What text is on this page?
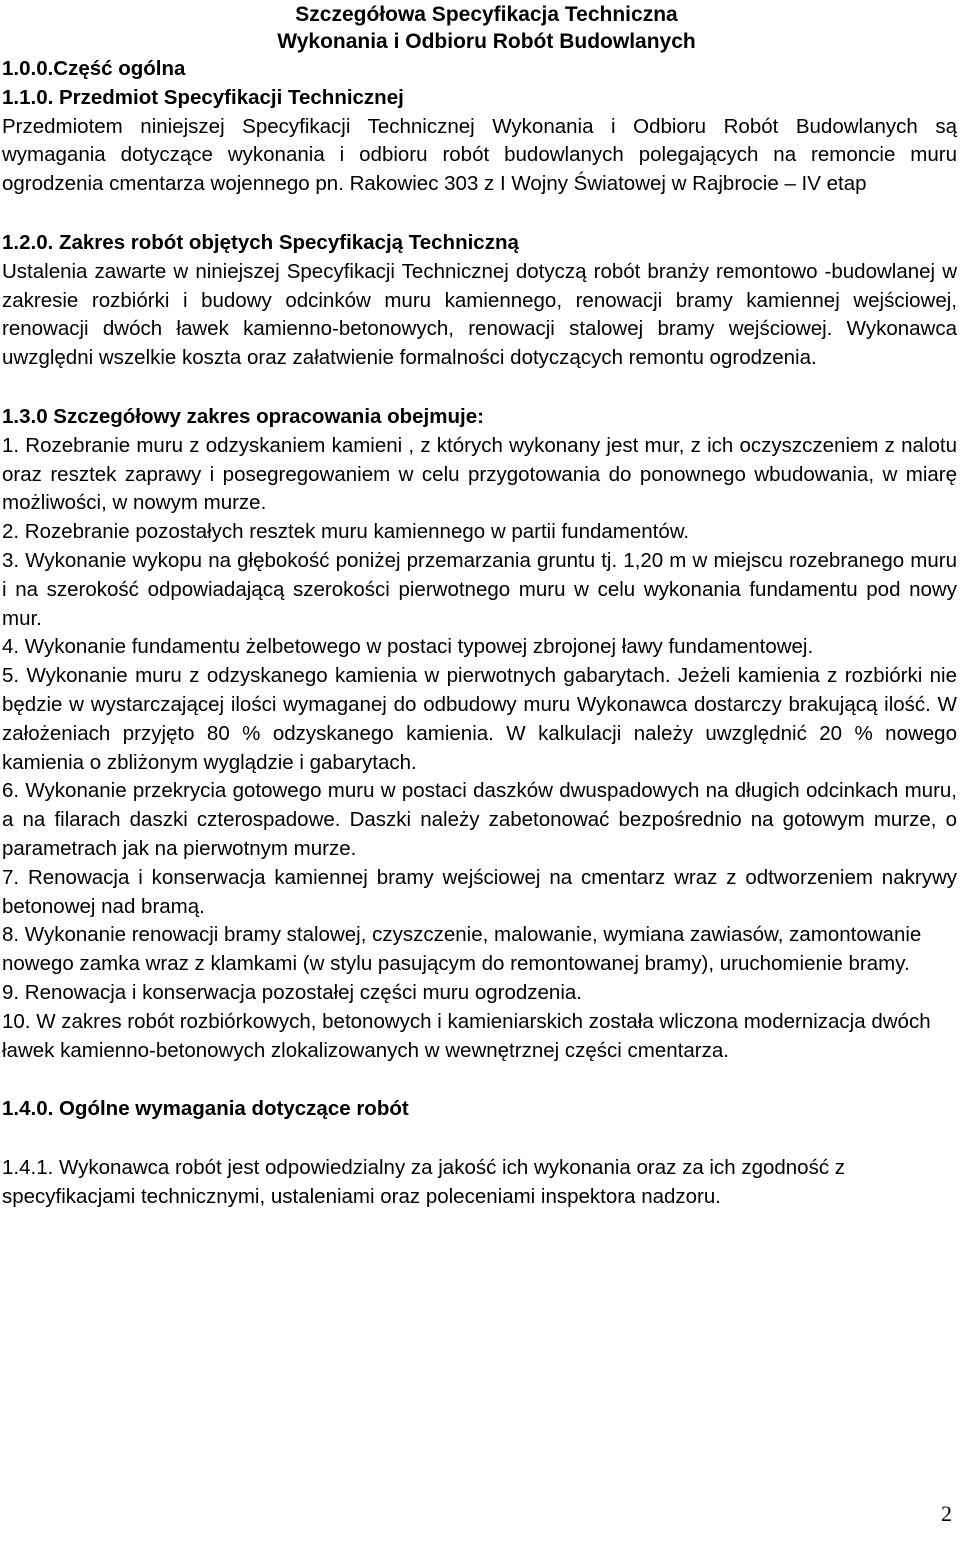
Szczegółowa Specyfikacja Techniczna
Wykonania i Odbioru Robót Budowlanych

1.0.0.Część ogólna

1.1.0. Przedmiot Specyfikacji Technicznej

Przedmiotem niniejszej Specyfikacji Technicznej Wykonania i Odbioru Robót Budowlanych są wymagania dotyczące wykonania i odbioru robót budowlanych polegających na remoncie muru ogrodzenia cmentarza wojennego pn. Rakowiec 303 z I Wojny Światowej w Rajbrocie – IV etap

1.2.0. Zakres robót objętych Specyfikacją Techniczną

Ustalenia zawarte w niniejszej Specyfikacji Technicznej dotyczą robót branży remontowo -budowlanej w zakresie rozbiórki i budowy odcinków muru kamiennego, renowacji bramy kamiennej wejściowej, renowacji dwóch ławek kamienno-betonowych, renowacji stalowej bramy wejściowej. Wykonawca uwzględni wszelkie koszta oraz załatwienie formalności dotyczących remontu ogrodzenia.

1.3.0 Szczegółowy zakres opracowania obejmuje:

1. Rozebranie muru z odzyskaniem kamieni , z których wykonany jest mur, z ich oczyszczeniem z nalotu oraz resztek zaprawy i posegregowaniem w celu przygotowania do ponownego wbudowania, w miarę możliwości, w nowym murze.

2. Rozebranie pozostałych resztek muru kamiennego w partii fundamentów.

3. Wykonanie wykopu na głębokość poniżej przemarzania gruntu tj. 1,20 m w miejscu rozebranego muru i na szerokość odpowiadającą szerokości pierwotnego muru w celu wykonania fundamentu pod nowy mur.

4. Wykonanie fundamentu żelbetowego w postaci typowej zbrojonej ławy fundamentowej.

5. Wykonanie muru z odzyskanego kamienia w pierwotnych gabarytach. Jeżeli kamienia z rozbiórki nie będzie w wystarczającej ilości wymaganej do odbudowy muru Wykonawca dostarczy brakującą ilość. W założeniach przyjęto 80 % odzyskanego kamienia. W kalkulacji należy uwzględnić 20 % nowego kamienia o zbliżonym wyglądzie i gabarytach.

6. Wykonanie przekrycia gotowego muru w postaci daszków dwuspadowych na długich odcinkach muru, a na filarach daszki czterospadowe. Daszki należy zabetonować bezpośrednio na gotowym murze, o parametrach jak na pierwotnym murze.

7. Renowacja i konserwacja kamiennej bramy wejściowej na cmentarz wraz z odtworzeniem nakrywy betonowej nad bramą.

8. Wykonanie renowacji bramy stalowej, czyszczenie, malowanie, wymiana zawiasów, zamontowanie nowego zamka wraz z klamkami (w stylu pasującym do remontowanej bramy), uruchomienie bramy.

9. Renowacja i konserwacja pozostałej części muru ogrodzenia.

10. W zakres robót rozbiórkowych, betonowych i kamieniarskich została wliczona modernizacja dwóch ławek kamienno-betonowych zlokalizowanych w wewnętrznej części cmentarza.

1.4.0. Ogólne wymagania dotyczące robót

1.4.1. Wykonawca robót jest odpowiedzialny za jakość ich wykonania oraz za ich zgodność z specyfikacjami technicznymi, ustaleniami oraz poleceniami inspektora nadzoru.

2
